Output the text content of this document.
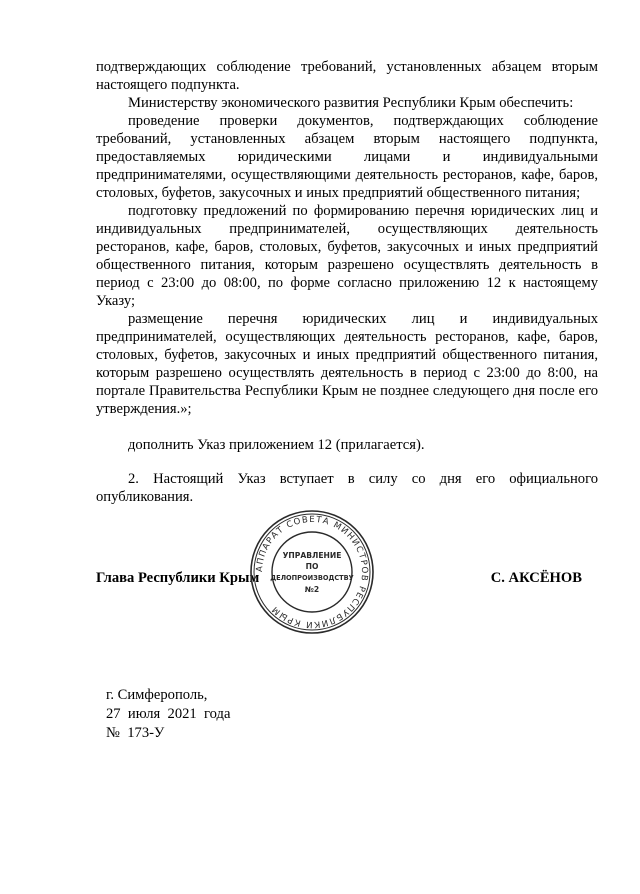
подтверждающих соблюдение требований, установленных абзацем вторым настоящего подпункта.

Министерству экономического развития Республики Крым обеспечить:

проведение проверки документов, подтверждающих соблюдение требований, установленных абзацем вторым настоящего подпункта, предоставляемых юридическими лицами и индивидуальными предпринимателями, осуществляющими деятельность ресторанов, кафе, баров, столовых, буфетов, закусочных и иных предприятий общественного питания;

подготовку предложений по формированию перечня юридических лиц и индивидуальных предпринимателей, осуществляющих деятельность ресторанов, кафе, баров, столовых, буфетов, закусочных и иных предприятий общественного питания, которым разрешено осуществлять деятельность в период с 23:00 до 08:00, по форме согласно приложению 12 к настоящему Указу;

размещение перечня юридических лиц и индивидуальных предпринимателей, осуществляющих деятельность ресторанов, кафе, баров, столовых, буфетов, закусочных и иных предприятий общественного питания, которым разрешено осуществлять деятельность в период с 23:00 до 8:00, на портале Правительства Республики Крым не позднее следующего дня после его утверждения.»;

дополнить Указ приложением 12 (прилагается).

2. Настоящий Указ вступает в силу со дня его официального опубликования.

Глава Республики Крым
АППАРАТ СОВЕТА МИНИСТРОВ РЕСПУБЛИКИ КРЫМ
УПРАВЛЕНИЕ
ПО
ДЕЛОПРОИЗВОДСТВУ
№2
С. АКСЁНОВ
г. Симферополь,
27  июля  2021  года
№  173-У
